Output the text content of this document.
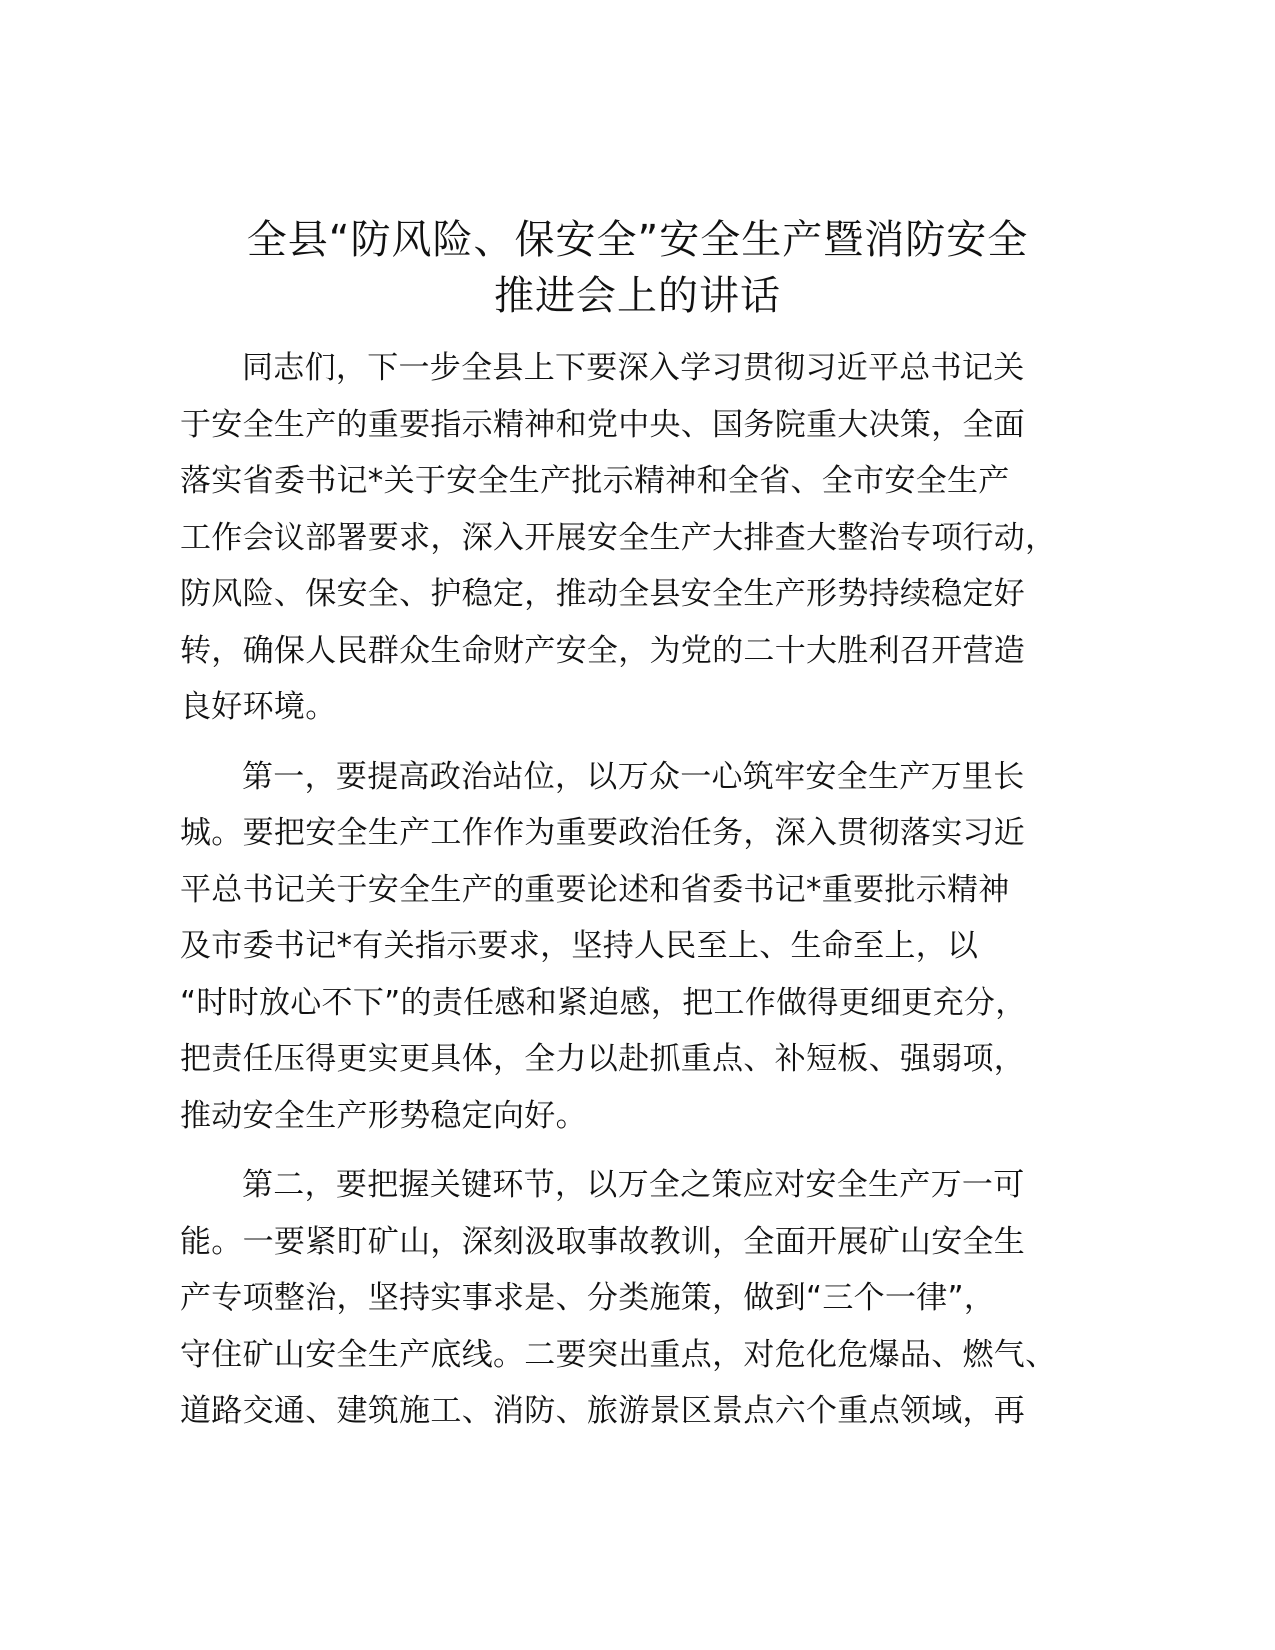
全县“防风险、保安全”安全生产暨消防安全
推进会上的讲话

同志们，下一步全县上下要深入学习贯彻习近平总书记关
于安全生产的重要指示精神和党中央、国务院重大决策，全面
落实省委书记*关于安全生产批示精神和全省、全市安全生产
工作会议部署要求，深入开展安全生产大排查大整治专项行动，
防风险、保安全、护稳定，推动全县安全生产形势持续稳定好
转，确保人民群众生命财产安全，为党的二十大胜利召开营造
良好环境。

第一，要提高政治站位，以万众一心筑牢安全生产万里长
城。要把安全生产工作作为重要政治任务，深入贯彻落实习近
平总书记关于安全生产的重要论述和省委书记*重要批示精神
及市委书记*有关指示要求，坚持人民至上、生命至上，以
“时时放心不下”的责任感和紧迫感，把工作做得更细更充分，
把责任压得更实更具体，全力以赴抓重点、补短板、强弱项，
推动安全生产形势稳定向好。

第二，要把握关键环节，以万全之策应对安全生产万一可
能。一要紧盯矿山，深刻汲取事故教训，全面开展矿山安全生
产专项整治，坚持实事求是、分类施策，做到“三个一律”，
守住矿山安全生产底线。二要突出重点，对危化危爆品、燃气、
道路交通、建筑施工、消防、旅游景区景点六个重点领域，再
